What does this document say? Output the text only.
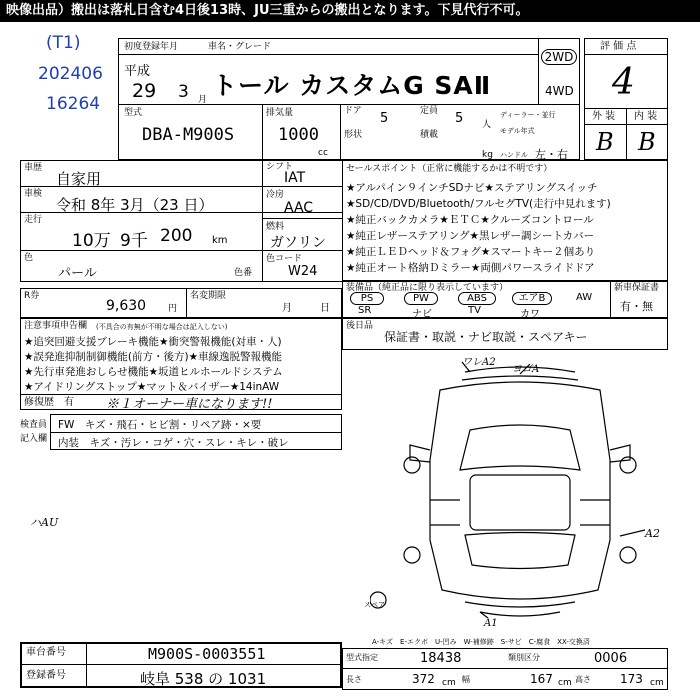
映像出品）搬出は落札日含む4日後13時、JU三重からの搬出となります。下見代行不可。
(T1)
202406
16264
初度登録年月	車名・グレード
平成
29 3 月 トール カスタムG SAⅡ
2WD
4WD
型式
DBA-M900S
排気量
1000
cc
ドア 5	定員 5 人
ディーラー・並行
形状	積載	モデル年式
kg ハンドル 左・右
評 価 点
4
外 装 内 装
B B
車歴
自家用
車検
令和 8年 3月（23 日）
走行
10万 9千 200 km
色
パール	色番
シフト
IAT
冷房
AAC
燃料
ガソリン
色コード
W24
セールスポイント（正常に機能するかは不明です）
★アルパイン９インチSDナビ★ステアリングスイッチ
★SD/CD/DVD/Bluetooth/フルセグTV(走行中見れます)
★純正バックカメラ★ＥＴＣ★クルーズコントロール
★純正レザーステアリング★黒レザー調シートカバー
★純正ＬＥＤヘッド＆フォグ★スマートキー２個あり
★純正オート格納Ｄミラー★両側パワースライドドア
R券
9,630 円
名変期限
月	日
装備品（純正品に限り表示しています）	新車保証書
有・無
PS
SR
PW
ナビ
ABS
TV
エアB
カワ
AW
注意事項申告欄 (不具合の有無が不明な場合は記入しない)
★追突回避支援ブレーキ機能★衝突警報機能(対車・人)
★誤発進抑制制御機能(前方・後方)★車線逸脱警報機能
★先行車発進おしらせ機能★坂道ヒルホールドシステム
★アイドリングストップ★マット＆バイザー★14inAW
修復歴 有 ※１オーナー車になります!!
後日品
保証書・取説・ナビ取説・スペアキー
検査員
記入欄
FW　キズ・飛石・ヒビ割・リペア跡・×要
内装　キズ・汚レ・コゲ・穴・スレ・キレ・破レ
ハAU
ワレA2
ヨゴA
A2
A1
スペア
A-キズ　E-エクボ　U-凹み　W-補修跡　S-サビ　C-腐食　XX-交換済
車台番号	M900S-0003551
登録番号	岐阜 538 の 1031
型式指定	18438	類別区分	0006
長さ	372 cm 幅	167 cm 高さ 173 cm
